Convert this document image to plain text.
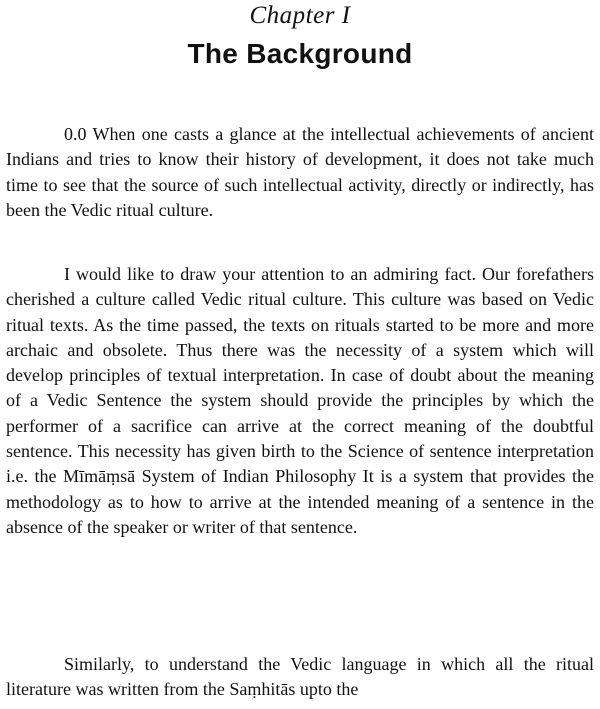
Chapter I
The Background

0.0 When one casts a glance at the intellectual achievements of ancient Indians and tries to know their history of development, it does not take much time to see that the source of such intellectual activity, directly or indirectly, has been the Vedic ritual culture.

I would like to draw your attention to an admiring fact. Our forefathers cherished a culture called Vedic ritual culture. This culture was based on Vedic ritual texts. As the time passed, the texts on rituals started to be more and more archaic and obsolete. Thus there was the necessity of a system which will develop principles of textual interpretation. In case of doubt about the meaning of a Vedic Sentence the system should provide the principles by which the performer of a sacrifice can arrive at the correct meaning of the doubtful sentence. This necessity has given birth to the Science of sentence interpretation i.e. the Mīmāṃsā System of Indian Philosophy It is a system that provides the methodology as to how to arrive at the intended meaning of a sentence in the absence of the speaker or writer of that sentence.

Similarly, to understand the Vedic language in which all the ritual literature was written from the Saṃhitās upto the
